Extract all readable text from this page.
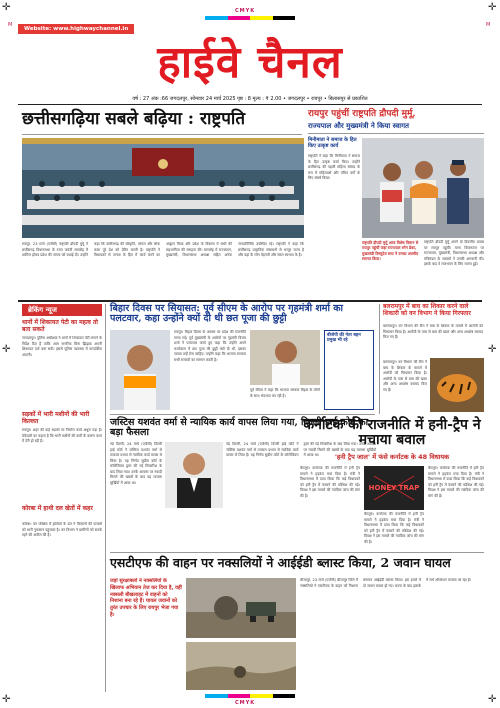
✛	✛
✛	✛
✛	✛
M	M
CMYK
Website: www.highwaychannel.in
हाईवे चैनल
वर्ष : 27 अंक :66 जगदलपुर, सोमवार 24 मार्च 2025 पृष्ठ : 8 मूल्य : ₹ 2.00 • जगदलपुर • रायपुर • बिलासपुर से प्रकाशित
छत्तीसगढ़िया सबले बढ़िया : राष्ट्रपति
रायपुर, 23 मार्च (एजेंसी) राष्ट्रपति द्रौपदी मुर्मू ने छत्तीसगढ़ विधानसभा के रजत जयंती समारोह में शामिल होकर प्रदेश की जनता को बधाई दी। उन्होंने कहा कि छत्तीसगढ़ की संस्कृति, परंपरा और लोक कला पूरे देश को प्रेरित करती है। राष्ट्रपति ने विधायकों से जनता के हित में कार्य करने का आह्वान किया और प्रदेश के विकास में सभी की सहभागिता की सराहना की। समारोह में राज्यपाल, मुख्यमंत्री, विधानसभा अध्यक्ष सहित अनेक जनप्रतिनिधि उपस्थित रहे। राष्ट्रपति ने कहा कि छत्तीसगढ़ प्राकृतिक संसाधनों से भरपूर राज्य है और यहां के लोग मेहनती और सरल स्वभाव के हैं।
रायपुर पहुंचीं राष्ट्रपति द्रौपदी मुर्मू,
राज्यपाल और मुख्यमंत्री ने किया स्वागत
मिनीमाता ने समाज के हित किए उत्कृष्ट कार्य
राष्ट्रपति ने कहा कि मिनीमाता ने समाज के हित उत्कृष्ट कार्य किए। उन्होंने छत्तीसगढ़ की पहली महिला सांसद के रूप में महिलाओं और वंचित वर्गों के लिए संघर्ष किया।
राष्ट्रपति द्रौपदी मुर्मू आज विशेष विमान से रायपुर पहुंचीं जहां राज्यपाल रमेन डेका, मुख्यमंत्री विष्णुदेव साय ने उनका आत्मीय स्वागत किया।
राष्ट्रपति द्रौपदी मुर्मू अपने दो दिवसीय प्रवास पर रायपुर पहुंचीं। माना विमानतल पर राज्यपाल, मुख्यमंत्री, विधानसभा अध्यक्ष और मंत्रिमंडल के सदस्यों ने उनकी अगवानी की। इसके बाद वे राजभवन के लिए रवाना हुईं।
ब्रेकिंग न्यूज
थानों में शिकायत पेटी का महत्व तो बता सकते
जगदलपुर। पुलिस अधीक्षक ने थानों में शिकायत पेटी लगाने के निर्देश दिए हैं ताकि आम नागरिक बिना झिझक अपनी शिकायत दर्ज करा सकें। इससे पुलिस व्यवस्था में पारदर्शिता आएगी।
सड़कों में भारी मशीनों की भारी किल्लत
रायपुर। शहर की कई सड़कों पर निर्माण कार्य अधूरा पड़ा है। ठेकेदारों का कहना है कि भारी मशीनों की कमी के कारण काम में देरी हो रही है।
कोरबा में हाथी दल खेतों में कहर
कोरबा। वन परिक्षेत्र में हाथियों के दल ने किसानों की फसलों को भारी नुकसान पहुंचाया है। वन विभाग ने ग्रामीणों को सतर्क रहने की अपील की है।
बिहार दिवस पर सियासत: पूर्व सीएम के आरोप पर गृहमंत्री शर्मा का पलटवार, कहा उन्होंने क्यों दी थी छत पूजा की छुट्टी
रायपुर। बिहार दिवस के अवसर पर प्रदेश की राजनीति गरमा गई। पूर्व मुख्यमंत्री के आरोपों पर गृहमंत्री विजय शर्मा ने पलटवार करते हुए कहा कि उन्होंने अपने कार्यकाल में छठ पूजा की छुट्टी क्यों दी थी, इसका जवाब उन्हें देना चाहिए। उन्होंने कहा कि भाजपा सरकार सभी समाजों का सम्मान करती है।
पूर्व सीएम ने कहा कि भाजपा सरकार बिहार के लोगों के साथ भेदभाव कर रही है।
बीजेपी की नेता बहन प्रमुख भी रहे
जस्टिस यशवंत वर्मा से न्यायिक कार्य वापस लिया गया, दिल्ली हाई कोर्ट का बड़ा फैसला
नई दिल्ली, 24 मार्च (एजेंसी) दिल्ली हाई कोर्ट ने जस्टिस यशवंत वर्मा से तत्काल प्रभाव से न्यायिक कार्य वापस ले लिया है। यह निर्णय सुप्रीम कोर्ट के कॉलेजियम द्वारा की गई सिफारिश के बाद लिया गया। उनके आवास पर नकदी मिलने की खबरों के बाद यह मामला सुर्खियों में आया था।
नई दिल्ली, 24 मार्च (एजेंसी) दिल्ली हाई कोर्ट ने जस्टिस यशवंत वर्मा से तत्काल प्रभाव से न्यायिक कार्य वापस ले लिया है। यह निर्णय सुप्रीम कोर्ट के कॉलेजियम द्वारा की गई सिफारिश के बाद लिया गया। उनके आवास पर नकदी मिलने की खबरों के बाद यह मामला सुर्खियों में आया था।
बलरामपुर में बाघ का शिकार करने वाले शिकारी को वन विभाग ने किया गिरफ्तार
बलरामपुर। वन विभाग की टीम ने बाघ के शिकार के मामले में आरोपी को गिरफ्तार किया है। आरोपी के पास से बाघ की खाल और अन्य अवशेष बरामद किए गए हैं।
बलरामपुर। वन विभाग की टीम ने बाघ के शिकार के मामले में आरोपी को गिरफ्तार किया है। आरोपी के पास से बाघ की खाल और अन्य अवशेष बरामद किए गए हैं।
कर्नाटक की राजनीति में हनी-ट्रैप ने मचाया बवाल
'हनी ट्रैप जाल' में फंसे कर्नाटक के 48 विधायक
बेंगलुरु। कर्नाटक की राजनीति में हनी ट्रैप मामले ने हड़कंप मचा दिया है। मंत्री ने विधानसभा में दावा किया कि कई विधायकों को हनी ट्रैप में फंसाने की कोशिश की गई। विपक्ष ने इस मामले की न्यायिक जांच की मांग की है।
HONEY TRAP
बेंगलुरु। कर्नाटक की राजनीति में हनी ट्रैप मामले ने हड़कंप मचा दिया है। मंत्री ने विधानसभा में दावा किया कि कई विधायकों को हनी ट्रैप में फंसाने की कोशिश की गई। विपक्ष ने इस मामले की न्यायिक जांच की मांग की है।
बेंगलुरु। कर्नाटक की राजनीति में हनी ट्रैप मामले ने हड़कंप मचा दिया है। मंत्री ने विधानसभा में दावा किया कि कई विधायकों को हनी ट्रैप में फंसाने की कोशिश की गई। विपक्ष ने इस मामले की न्यायिक जांच की मांग की है।
एसटीएफ की वाहन पर नक्सलियों ने आईईडी ब्लास्ट किया, 2 जवान घायल
जहां सुरक्षाबलों ने नक्सलियों के खिलाफ अभियान तेज कर दिया है, वहीं नक्सली बौखलाहट में वाहनों को निशाना बना रहे हैं। घायल जवानों को तुरंत उपचार के लिए रायपुर भेजा गया है।
बीजापुर, 23 मार्च (एजेंसी) बीजापुर जिले में नक्सलियों ने एसटीएफ के वाहन को निशाना बनाकर आईईडी ब्लास्ट किया। इस हमले में दो जवान घायल हो गए। घटना के बाद इलाके में सर्च ऑपरेशन चलाया जा रहा है।
CMYK
